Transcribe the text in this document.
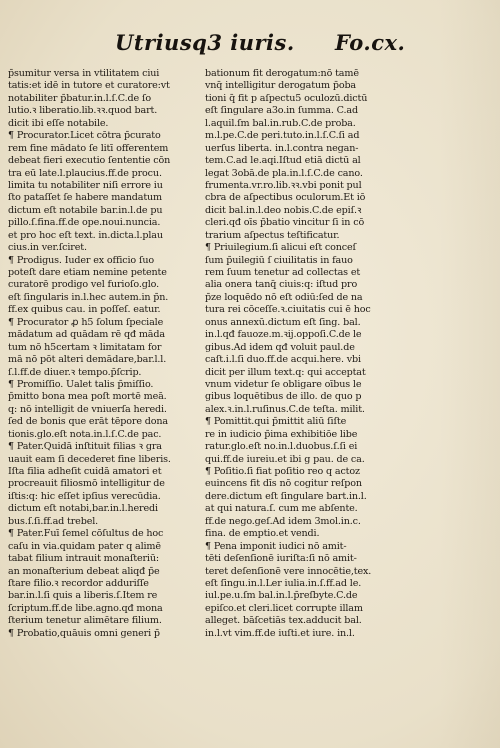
Utriusq3 iuris. Fo.cx.
p̄sumitur versa in vtilitatem ciui
tatis:et idē in tutore et curatore:vt
notabiliter p̄batur.in.l.ſ.C.de ſo
lutio.ꝛ liberatio.lib.ꝛꝛ.quod bart.
dicit ibi eſſe notabile.
¶ Procurator.Licet cōtra p̄curato
rem fine mādato ſe litī offerentem
debeat fieri executio ſententie cōn
tra eū late.l.plaucius.ff.de procu.
limita tu notabiliter niſi errore iu
ſto pataſſet ſe habere mandatum
dictum eſt notabile bar.in.l.de pu
pillo.ſ.fina.ff.de ope.noui.nuncia.
et pro hoc eſt text. in.dicta.l.plau
cius.in ver.ſciret.
¶ Prodigus. Iuder ex officio ſuo
poteſt dare etiam nemine petente
curatorē prodigo vel furioſo.glo.
eſt ſingularis in.l.hec autem.in p̄n.
ff.ex quibus cau. in poſſeſ. eatur.
¶ Procurator ꝓ h5 ſolum ſpeciale
mādatum ad quādam rē qđ māda
tum nō h5certam ꝛ limitatam for
mā nō pōt alteri demādare,bar.l.l.
ſ.l.ff.de diuer.ꝛ tempo.p̄ſcrip.
¶ Promiſſio. Ualet talis p̄miſſio.
p̄mitto bona mea poſt mortē meā.
q: nō intelligit de vniuerſa heredi.
ſed de bonis que erāt tēpore dona
tionis.glo.eſt nota.in.l.ſ.C.de pac.
¶ Pater.Quidā inſtituit filias ꝛ gra
uauit eam ſi decederet fine liberis.
Iſta filia adheſit cuidā amatori et
procreauit filiosmō intelligitur de
iſtis:q: hic eſſet ipſius verecūdia.
dictum eſt notabi,bar.in.l.heredi
bus.ſ.ſi.ff.ad trebel.
¶ Pater.Fuī ſemel cōſultus de hoc
caſu in via.quidam pater q alimē
tabat filium intrauit monaſteriū:
an monaſterium debeat aliqđ p̄e
ſtare filio.ꝛ recordor adduriſſe
bar.in.l.ſi quis a liberis.ſ.Item re
ſcriptum.ff.de libe.agno.qđ mona
ſterium tenetur alimētare filium.
¶ Probatio,quāuis omni generi p̄
bationum fit derogatum:nō tamē
vnq̄ intelligitur derogatum p̄oba
tioni q̄ fit p aſpectu5 oculozū.dictū
eſt ſingulare a3o.in ſumma. C.ad
l.aquil.ſm bal.in.rub.C.de proba.
m.l.pe.C.de peri.tuto.in.l.ſ.C.ſi ad
uerſus liberta. in.l.contra negan-
tem.C.ad le.aqi.Iſtud etiā dictū al
legat 3obā.de pla.in.l.ſ.C.de cano.
frumenta.vr.ro.lib.ꝛꝛ.vbi ponit pul
cbra de aſpectibus oculorum.Et iō
dicit bal.in.l.deo nobis.C.de epiſ.ꝛ
cleri.qđ oīs p̄batio vincitur ſi in cō
trarium aſpectus teſtificatur.
¶ Priuilegium.ſi alicui eſt conceſ
ſum p̄uilegiū ſ ciuilitatis in fauo
rem ſuum tenetur ad collectas et
alia onera tanq̄ ciuis:q: iſtud pro
p̄ze loquēdo nō eſt odiū:ſed de na
tura rei cōceſſe.ꝛ.ciuitatis cui ē hoc
onus annexū.dictum eſt ſing. bal.
in.l.qđ fauoze.m.ꝛij.oppoſi.C.de le
gibus.Ad idem qđ voluit paul.de
caſt.i.l.ſi duo.ff.de acqui.here. vbi
dicit per illum text.q: qui acceptat
vnum videtur ſe obligare oībus le
gibus loquētibus de illo. de quo p
alex.ꝛ.in.l.ruſinus.C.de teſta. milit.
¶ Pomittit.qui p̄mittit aliū ſiſte
re in iudicio p̄ima exhibitiōe libe
ratur.glo.eſt no.in.l.duobus.ſ.ſi ei
qui.ff.de iureiu.et ibi g pau. de ca.
¶ Poſitio.ſi fiat poſitio reo q actoz
euincens fit dīs nō cogitur reſpon
dere.dictum eſt ſingulare bart.in.l.
at qui natura.ſ. cum me abſente.
ff.de nego.geſ.Ad idem 3mol.in.c.
fina. de emptio.et vendi.
¶ Pena imponit iudici nō amit-
tēti deſenſionē iuriſta:ſi nō amit-
teret deſenſionē vere innocētie,tex.
eſt ſingu.in.l.Ler iulia.in.ſ.ff.ad le.
iul.pe.u.ſm bal.in.l.p̄reſbyte.C.de
epiſco.et cleri.licet corrupte illam
alleget. bāſcetiās tex.adducit bal.
in.l.vt vim.ff.de iuſti.et iure. in.l.
